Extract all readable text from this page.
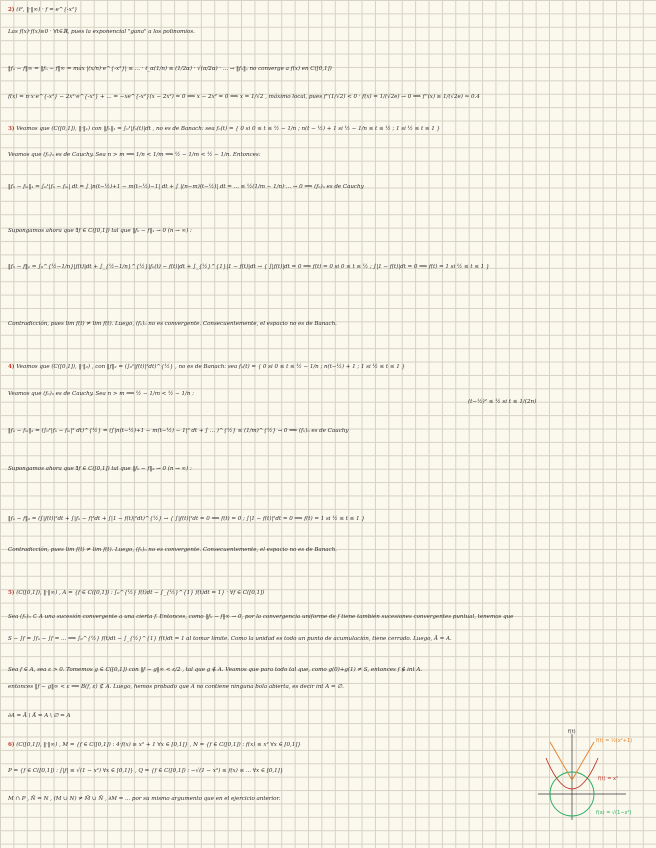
2) (ℓ², ‖·‖∞) · f = e^{-x²}
Las f(x)·f(x)≥0 · ∀t∈ℝ, pues la exponencial "gana" a los polinomios.
‖fₙ − f‖∞ = ‖fₙ − f‖∞ = máx |(x/n)·e^{-x²}| ≤ ... · ℓ_α(1/n) ≤ (1/2α) · √(π/2α) · ... → ‖fₙ‖ₓ no converge a f(x) en C([0,1])
f(x) = n·x·e^{-x²} − 2x²·e^{-x²} + ... = −xe^{-x²}(x − 2x²) = 0 ⟹ x − 2x² = 0 ⟹ x = 1/√2 , máximo local, pues f''(1/√2) < 0 · f(x) = 1/(√2e) → 0 ⟹ f''(x) ≥ 1/(√2e) ≈ 0.4
3) Veamos que (C([0,1]), ‖·‖₁) con ‖fₙ‖₁ = ∫₀¹|fₙ(t)|dt , no es de Banach: sea fₙ(t) = { 0 si 0 ≤ t ≤ ½ − 1/n ; n(t − ½) + 1 si ½ − 1/n ≤ t ≤ ½ ; 1 si ½ ≤ t ≤ 1 }
Veamos que (fₙ)ₙ es de Cauchy. Sea n > m ⟹ 1/n < 1/m ⟹ ½ − 1/m < ½ − 1/n. Entonces:
‖fₙ − fₘ‖₁ = ∫₀¹|fₙ − fₘ| dt = ∫ |n(t−½)+1 − m(t−½)−1| dt + ∫ |(n−m)(t−½)| dt = ... ≤ ½(1/m − 1/n)·... → 0 ⟹ (fₙ)ₙ es de Cauchy
Supongamos ahora que ∃f ∈ C([0,1]) tal que ‖fₙ − f‖₁ → 0 (n → ∞) :
‖fₙ − f‖₁ = ∫₀^{½−1/n}|f(t)|dt + ∫_{½−1/n}^{½}|fₙ(t) − f(t)|dt + ∫_{½}^{1}|1 − f(t)|dt → { ∫|f(t)|dt = 0 ⟹ f(t) = 0 si 0 ≤ t ≤ ½ ; ∫|1 − f(t)|dt = 0 ⟹ f(t) = 1 si ½ ≤ t ≤ 1 }
Contradicción, pues lim f(t) ≠ lim f(t). Luego, (fₙ)ₙ no es convergente. Consecuentemente, el espacio no es de Banach.
4) Veamos que (C([0,1]), ‖·‖₂) , con ‖f‖₂ = (∫₀¹|f(t)|²dt)^{½} , no es de Banach: sea fₙ(t) = { 0 si 0 ≤ t ≤ ½ − 1/n ; n(t−½) + 1 ; 1 si ½ ≤ t ≤ 1 }
Veamos que (fₙ)ₙ es de Cauchy. Sea n > m ⟹ ½ − 1/m < ½ − 1/n :
‖fₙ − fₘ‖₂ = (∫₀¹|fₙ − fₘ|² dt)^{½} = (∫|n(t−½)+1 − m(t−½) − 1|² dt + ∫ ... )^{½} ≤ (1/m)^{½} → 0 ⟹ (fₙ)ₙ es de Cauchy
Supongamos ahora que ∃f ∈ C([0,1]) tal que ‖fₙ − f‖₂ → 0 (n → ∞) :
‖fₙ − f‖₂ = (∫|f(t)|²dt + ∫|fₙ − f|²dt + ∫|1 − f(t)|²dt)^{½} → { ∫|f(t)|²dt = 0 ⟹ f(t) = 0 ; ∫|1 − f(t)|²dt = 0 ⟹ f(t) = 1 si ½ ≤ t ≤ 1 }
Contradicción, pues lim f(t) ≠ lim f(t). Luego, (fₙ)ₙ no es convergente. Consecuentemente, el espacio no es de Banach.
5) (C([0,1]), ‖·‖∞) , A = {f ∈ C([0,1]) : ∫₀^{½} f(t)dt − ∫_{½}^{1} f(t)dt = 1} · ∀f ∈ C([0,1])
Sea (fₙ)ₙ ⊂ A una sucesión convergente a una cierta f. Entonces, como ‖fₙ − f‖∞ → 0, por la convergencia uniforme de f tiene también sucesiones convergentes puntual, tenemos que
S − ∫f = ∫fₙ − ∫f = ... ⟹ ∫₀^{½} f(t)dt − ∫_{½}^{1} f(t)dt = 1 al tomar límite. Como la unidad es todo un punto de acumulación, tiene cerrado. Luego, Ā = A.
Sea f ∈ A, sea ε > 0. Tomemos g ∈ C([0,1]) con ‖f − g‖∞ < ε/2 , tal que g ∉ A. Veamos que para todo tal que, como g(0)+g(1) ≠ S, entonces f ∉ int A.
entonces ‖f − g‖∞ < ε ⟹ B(f, ε) ⊄ A. Luego, hemos probado que A no contiene ninguna bola abierta, es decir int A = ∅.
∂A = Ā \ Å = A \ ∅ = A
6) (C([0,1]), ‖·‖∞) , M = {f ∈ C([0,1]) : 4·f(x) ≥ x² + 1 ∀x ∈ [0,1]} , N = {f ∈ C([0,1]) : f(x) ≤ x² ∀x ∈ [0,1]}
P = {f ∈ C([0,1]) : ∫|f| ≤ √(1 − x²) ∀x ∈ [0,1]} , Q = {f ∈ C([0,1]) : −√(1 − x²) ≤ f(x) ≤ ... ∀x ∈ [0,1]}
M ∩ P , N̄ = N , (M ∪ N) ≠ M̄ ∪ N̄ , ∂M = ... por su mismo argumento que en el ejercicio anterior.
(t−½)² ≤ ½ si t ≤ 1/(2n)
f(t)
f(t) = ½(x²+1)
f(t) = x²
f(x) = √(1−x²)
